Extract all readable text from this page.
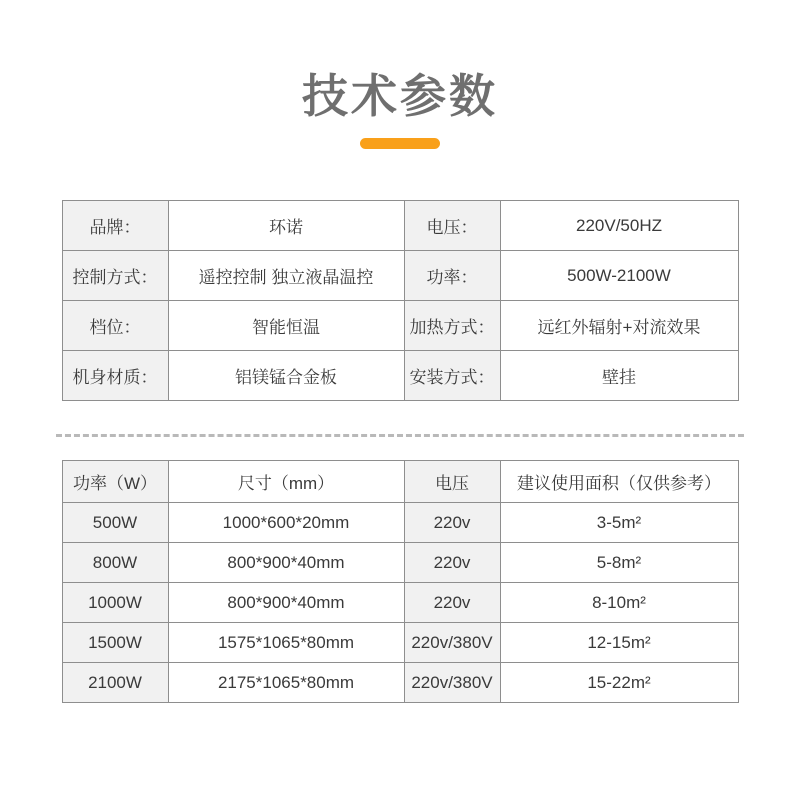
技术参数
品牌：	环诺	电压：	220V/50HZ
控制方式：	遥控控制 独立液晶温控	功率：	500W-2100W
档位：	智能恒温	加热方式：	远红外辐射+对流效果
机身材质：	铝镁锰合金板	安装方式：	壁挂
功率（W）	尺寸（mm）	电压	建议使用面积（仅供参考）
500W	1000*600*20mm	220v	3-5m²
800W	800*900*40mm	220v	5-8m²
1000W	800*900*40mm	220v	8-10m²
1500W	1575*1065*80mm	220v/380V	12-15m²
2100W	2175*1065*80mm	220v/380V	15-22m²
